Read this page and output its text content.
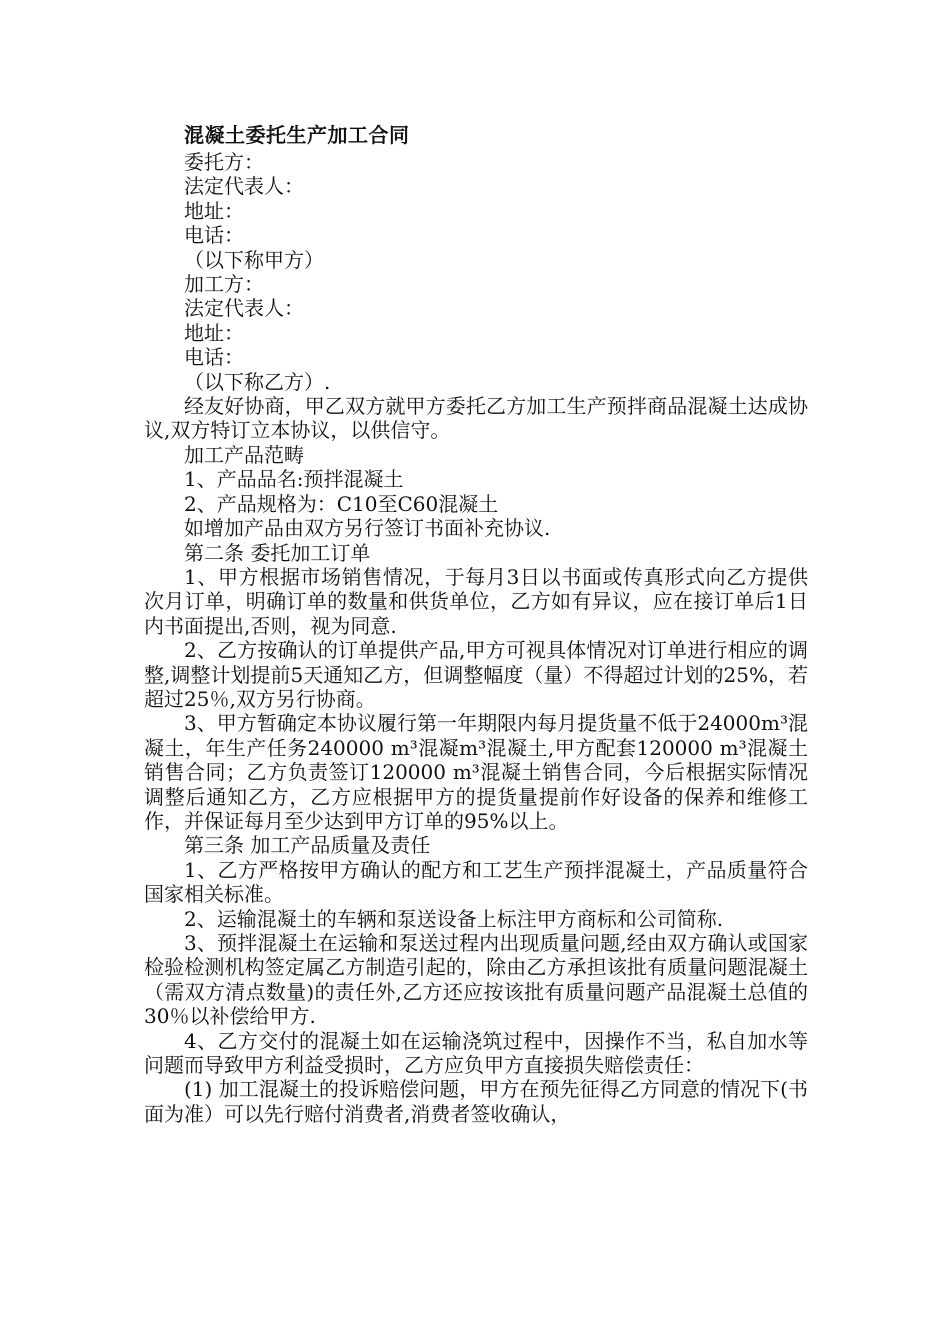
混凝土委托生产加工合同
委托方：
法定代表人：
地址：
电话：
（以下称甲方）
加工方：
法定代表人：
地址：
电话：
（以下称乙方）.

经友好协商，甲乙双方就甲方委托乙方加工生产预拌商品混凝土达成协议,双方特订立本协议，以供信守。

加工产品范畴

1、产品品名:预拌混凝土

2、产品规格为：C10至C60混凝土

如增加产品由双方另行签订书面补充协议.

第二条 委托加工订单

1、甲方根据市场销售情况，于每月3日以书面或传真形式向乙方提供次月订单，明确订单的数量和供货单位，乙方如有异议，应在接订单后1日内书面提出,否则，视为同意.

2、乙方按确认的订单提供产品,甲方可视具体情况对订单进行相应的调整,调整计划提前5天通知乙方，但调整幅度（量）不得超过计划的25%，若超过25％,双方另行协商。

3、甲方暂确定本协议履行第一年期限内每月提货量不低于24000m³混凝土，年生产任务240000 m³混凝m³混凝土,甲方配套120000 m³混凝土销售合同；乙方负责签订120000 m³混凝土销售合同，今后根据实际情况调整后通知乙方，乙方应根据甲方的提货量提前作好设备的保养和维修工作，并保证每月至少达到甲方订单的95%以上。

第三条 加工产品质量及责任

1、乙方严格按甲方确认的配方和工艺生产预拌混凝土，产品质量符合国家相关标准。

2、运输混凝土的车辆和泵送设备上标注甲方商标和公司简称.

3、预拌混凝土在运输和泵送过程内出现质量问题,经由双方确认或国家检验检测机构签定属乙方制造引起的，除由乙方承担该批有质量问题混凝土（需双方清点数量)的责任外,乙方还应按该批有质量问题产品混凝土总值的30％以补偿给甲方.

4、乙方交付的混凝土如在运输浇筑过程中，因操作不当，私自加水等问题而导致甲方利益受损时，乙方应负甲方直接损失赔偿责任：

(1) 加工混凝土的投诉赔偿问题，甲方在预先征得乙方同意的情况下(书面为准）可以先行赔付消费者,消费者签收确认，
